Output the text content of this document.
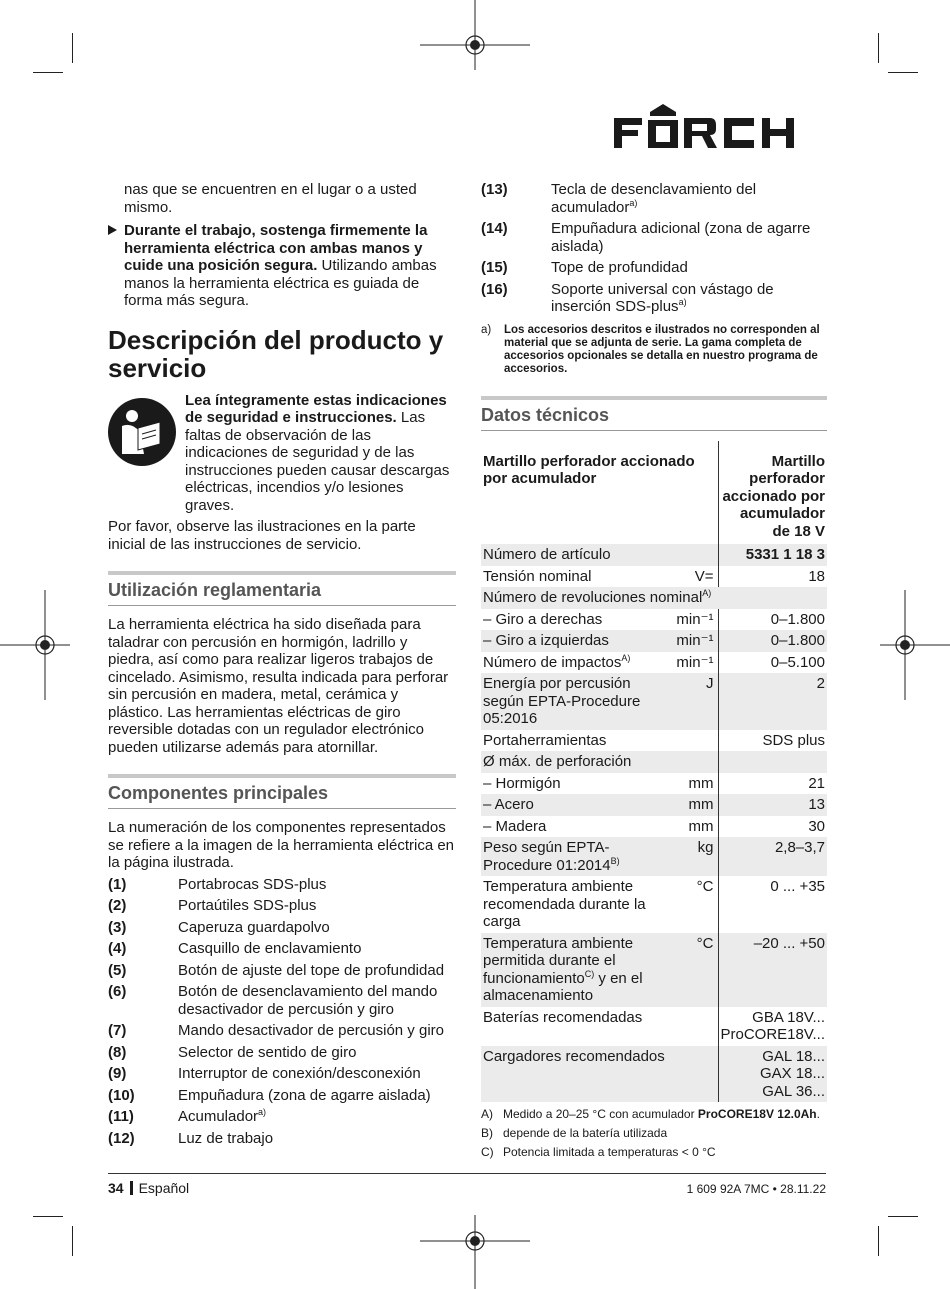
nas que se encuentren en el lugar o a usted mismo.

Durante el trabajo, sostenga firmemente la herramienta eléctrica con ambas manos y cuide una posición segura. Utilizando ambas manos la herramienta eléctrica es guiada de forma más segura.
Descripción del producto y servicio
Lea íntegramente estas indicaciones de seguridad e instrucciones. Las faltas de observación de las indicaciones de seguridad y de las instrucciones pueden causar descargas eléctricas, incendios y/o lesiones graves.

Por favor, observe las ilustraciones en la parte inicial de las instrucciones de servicio.

Utilización reglamentaria

La herramienta eléctrica ha sido diseñada para taladrar con percusión en hormigón, ladrillo y piedra, así como para realizar ligeros trabajos de cincelado. Asimismo, resulta indicada para perforar sin percusión en madera, metal, cerámica y plástico. Las herramientas eléctricas de giro reversible dotadas con un regulador electrónico pueden utilizarse además para atornillar.

Componentes principales

La numeración de los componentes representados se refiere a la imagen de la herramienta eléctrica en la página ilustrada.

(1)	Portabrocas SDS-plus
(2)	Portaútiles SDS-plus
(3)	Caperuza guardapolvo
(4)	Casquillo de enclavamiento
(5)	Botón de ajuste del tope de profundidad
(6)	Botón de desenclavamiento del mando desactivador de percusión y giro
(7)	Mando desactivador de percusión y giro
(8)	Selector de sentido de giro
(9)	Interruptor de conexión/desconexión
(10)	Empuñadura (zona de agarre aislada)
(11)	Acumulador$^{a)}$
(12)	Luz de trabajo
(13)	Tecla de desenclavamiento del acumulador$^{a)}$
(14)	Empuñadura adicional (zona de agarre aislada)
(15)	Tope de profundidad
(16)	Soporte universal con vástago de inserción SDS-plus$^{a)}$
a)	Los accesorios descritos e ilustrados no corresponden al material que se adjunta de serie. La gama completa de accesorios opcionales se detalla en nuestro programa de accesorios.
Datos técnicos
Martillo perforador accionado por acumulador		Martillo perforador accionado por acumulador de 18 V
Número de artículo		5331 1 18 3
Tensión nominal	V=	18
Número de revoluciones nominal$^{A)}$
– Giro a derechas	min⁻¹	0–1.800
– Giro a izquierdas	min⁻¹	0–1.800
Número de impactos$^{A)}$	min⁻¹	0–5.100
Energía por percusión según EPTA-Procedure 05:2016	J	2
Portaherramientas		SDS plus
Ø máx. de perforación		
– Hormigón	mm	21
– Acero	mm	13
– Madera	mm	30
Peso según EPTA-Procedure $01:2014^{B)}$	kg	2,8–3,7
Temperatura ambiente recomendada durante la carga	°C	0 ... +35
Temperatura ambiente permitida durante el funcionamiento$^{C)}$ y en el almacenamiento	°C	–20 ... +50
Baterías recomendadas		GBA 18V...
ProCORE18V...
Cargadores recomendados		GAL 18...
GAX 18...
GAL 36...
A) Medido a 20–25 °C con acumulador ProCORE18V 12.0Ah.
B) depende de la batería utilizada
C) Potencia limitada a temperaturas < 0 °C
34 Español	1 609 92A 7MC • 28.11.22
